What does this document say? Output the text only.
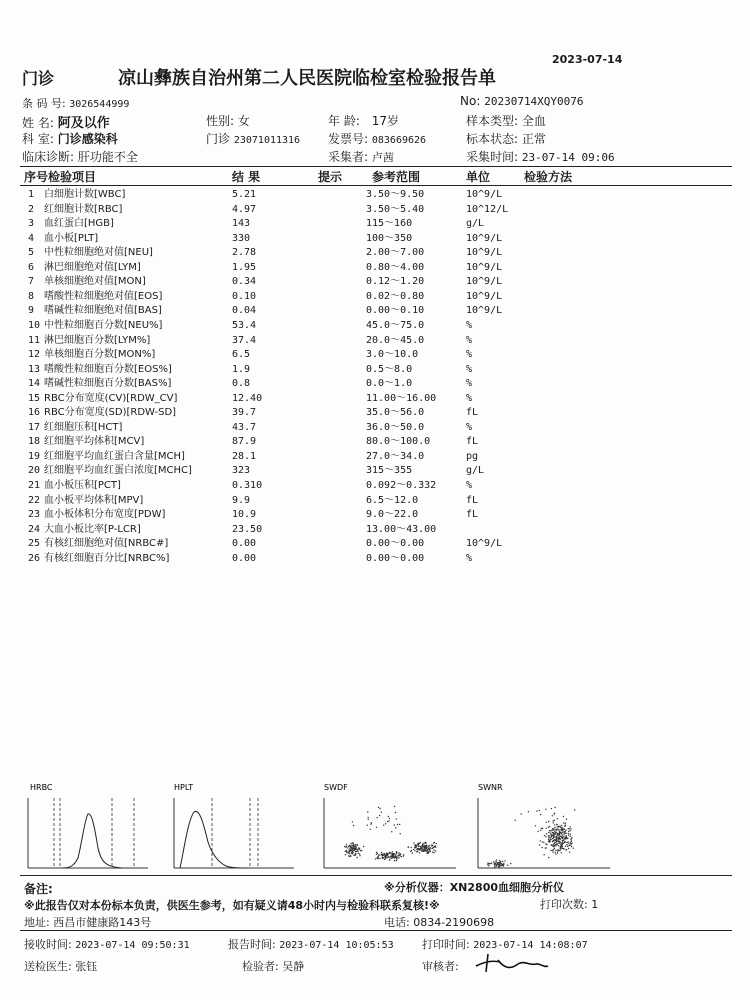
2023-07-14
门诊	凉山彝族自治州第二人民医院临检室检验报告单
条 码 号: 3026544999	No: 20230714XQY0076
姓 名: 阿及以作	性别: 女	年 龄: 17岁	样本类型: 全血
科 室: 门诊感染科	门诊 23071011316 发票号: 083669626	标本状态: 正常
临床诊断: 肝功能不全	采集者: 卢茜	采集时间: 23-07-14 09:06
序号检验项目	结 果	提示 参考范围	单位	检验方法
1 白细胞计数[WBC]	5.21	3.50～9.50	10^9/L
2 红细胞计数[RBC]	4.97	3.50～5.40	10^12/L
3 血红蛋白[HGB]	143	115～160	g/L
4 血小板[PLT]	330	100～350	10^9/L
5 中性粒细胞绝对值[NEU]	2.78	2.00～7.00	10^9/L
6 淋巴细胞绝对值[LYM]	1.95	0.80～4.00	10^9/L
7 单核细胞绝对值[MON]	0.34	0.12～1.20	10^9/L
8 嗜酸性粒细胞绝对值[EOS]	0.10	0.02～0.80	10^9/L
9 嗜碱性粒细胞绝对值[BAS]	0.04	0.00～0.10	10^9/L
10 中性粒细胞百分数[NEU%]	53.4	45.0～75.0	%
11 淋巴细胞百分数[LYM%]	37.4	20.0～45.0	%
12 单核细胞百分数[MON%]	6.5	3.0～10.0	%
13 嗜酸性粒细胞百分数[EOS%]	1.9	0.5～8.0	%
14 嗜碱性粒细胞百分数[BAS%]	0.8	0.0～1.0	%
15 RBC分布宽度(CV)[RDW_CV]	12.40	11.00～16.00	%
16 RBC分布宽度(SD)[RDW-SD]	39.7	35.0～56.0	fL
17 红细胞压积[HCT]	43.7	36.0～50.0	%
18 红细胞平均体积[MCV]	87.9	80.0～100.0	fL
19 红细胞平均血红蛋白含量[MCH]	28.1	27.0～34.0	pg
20 红细胞平均血红蛋白浓度[MCHC]	323	315～355	g/L
21 血小板压积[PCT]	0.310	0.092～0.332	%
22 血小板平均体积[MPV]	9.9	6.5～12.0	fL
23 血小板体积分布宽度[PDW]	10.9	9.0～22.0	fL
24 大血小板比率[P-LCR]	23.50	13.00～43.00
25 有核红细胞绝对值[NRBC#]	0.00	0.00～0.00	10^9/L
26 有核红细胞百分比[NRBC%]	0.00	0.00～0.00	%
HRBC	HPLT	SWDF	SWNR
备注:	※分析仪器：XN2800血细胞分析仪
※此报告仅对本份标本负责，供医生参考，如有疑义请48小时内与检验科联系复核!※	打印次数: 1
地址: 西昌市健康路143号	电话: 0834-2190698
接收时间: 2023-07-14 09:50:31	报告时间: 2023-07-14 10:05:53	打印时间: 2023-07-14 14:08:07
送检医生: 张钰	检验者: 吴静	审核者:
